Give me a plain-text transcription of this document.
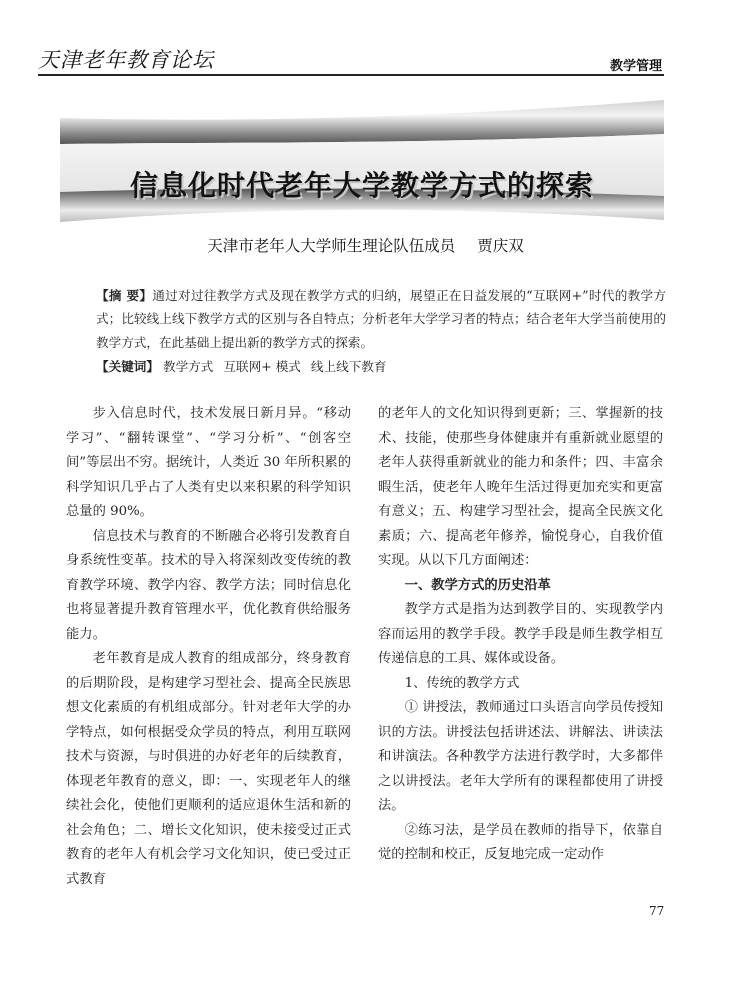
天津老年教育论坛	教学管理
信息化时代老年大学教学方式的探索
天津市老年人大学师生理论队伍成员 贾庆双
【摘 要】通过对过往教学方式及现在教学方式的归纳，展望正在日益发展的“互联网+”时代的教学方式；比较线上线下教学方式的区别与各自特点；分析老年大学学习者的特点；结合老年大学当前使用的教学方式，在此基础上提出新的教学方式的探索。
【关键词】 教学方式 互联网+ 模式 线上线下教育

步入信息时代，技术发展日新月异。“移动学习”、“翻转课堂”、“学习分析”、“创客空间”等层出不穷。据统计，人类近 30 年所积累的科学知识几乎占了人类有史以来积累的科学知识总量的 90%。

信息技术与教育的不断融合必将引发教育自身系统性变革。技术的导入将深刻改变传统的教育教学环境、教学内容、教学方法；同时信息化也将显著提升教育管理水平，优化教育供给服务能力。

老年教育是成人教育的组成部分，终身教育的后期阶段，是构建学习型社会、提高全民族思想文化素质的有机组成部分。针对老年大学的办学特点，如何根据受众学员的特点，利用互联网技术与资源，与时俱进的办好老年的后续教育，体现老年教育的意义，即：一、实现老年人的继续社会化，使他们更顺利的适应退休生活和新的社会角色；二、增长文化知识，使未接受过正式教育的老年人有机会学习文化知识，使已受过正式教育

的老年人的文化知识得到更新；三、掌握新的技术、技能，使那些身体健康并有重新就业愿望的老年人获得重新就业的能力和条件；四、丰富余暇生活，使老年人晚年生活过得更加充实和更富有意义；五、构建学习型社会，提高全民族文化素质；六、提高老年修养，愉悦身心，自我价值实现。从以下几方面阐述：

一、教学方式的历史沿革

教学方式是指为达到教学目的、实现教学内容而运用的教学手段。教学手段是师生教学相互传递信息的工具、媒体或设备。

1、传统的教学方式

① 讲授法，教师通过口头语言向学员传授知识的方法。讲授法包括讲述法、讲解法、讲读法和讲演法。各种教学方法进行教学时，大多都伴之以讲授法。老年大学所有的课程都使用了讲授法。

②练习法，是学员在教师的指导下，依靠自觉的控制和校正，反复地完成一定动作

77
